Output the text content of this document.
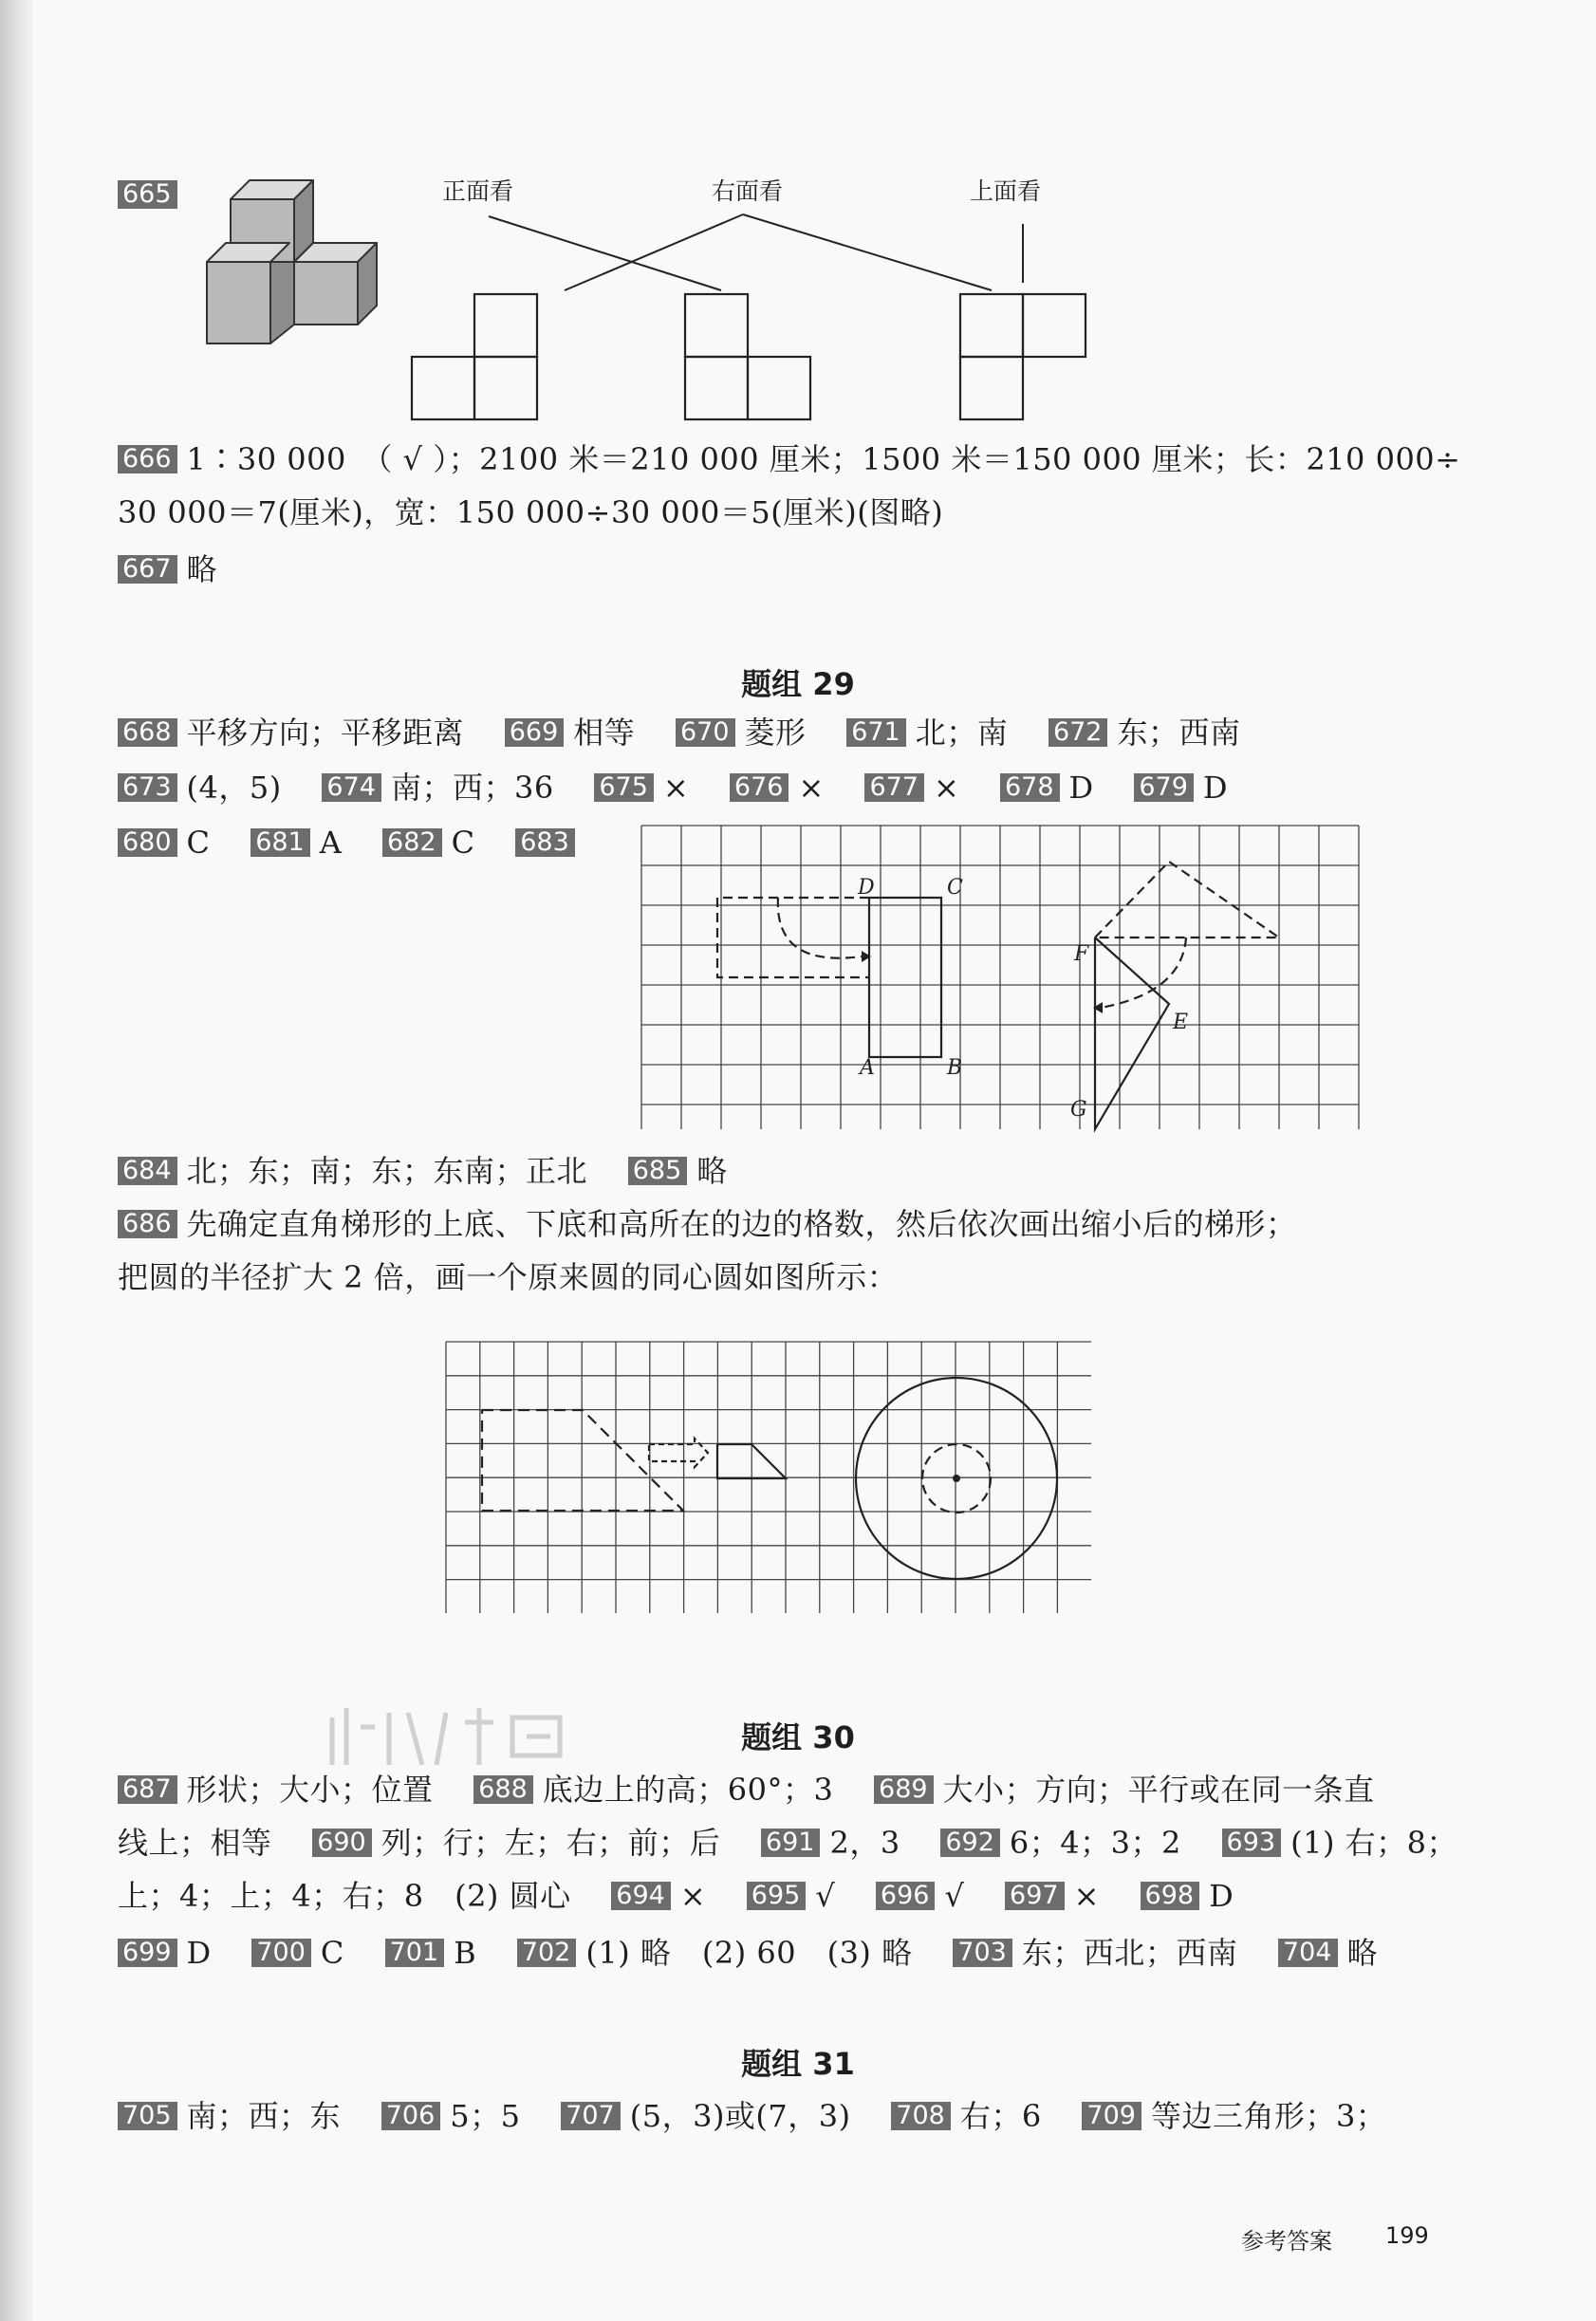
665	正面看	右面看	上面看
666 1∶30 000　（ √ ）；2100 米＝210 000 厘米；1500 米＝150 000 厘米；长：210 000÷
30 000＝7(厘米)，宽：150 000÷30 000＝5(厘米)(图略)
667 略
题组 29
668 平移方向；平移距离 669 相等 670 菱形 671 北；南 672 东；西南
673 (4，5) 674 南；西；36 675 × 676 × 677 × 678 D 679 D
680 C 681 A 682 C 683
A	B
C
D
E
F
G
684 北；东；南；东；东南；正北 685 略
686 先确定直角梯形的上底、下底和高所在的边的格数，然后依次画出缩小后的梯形；
把圆的半径扩大 2 倍，画一个原来圆的同心圆如图所示：
题组 30
687 形状；大小；位置 688 底边上的高；60°；3 689 大小；方向；平行或在同一条直
线上；相等 690 列；行；左；右；前；后 691 2，3 692 6；4；3；2 693 (1) 右；8；
上；4；上；4；右；8　(2) 圆心 694 × 695 √ 696 √ 697 × 698 D
699 D 700 C 701 B 702 (1) 略　(2) 60　(3) 略 703 东；西北；西南 704 略
题组 31
705 南；西；东 706 5；5 707 (5，3)或(7，3) 708 右；6 709 等边三角形；3；
参考答案 199
